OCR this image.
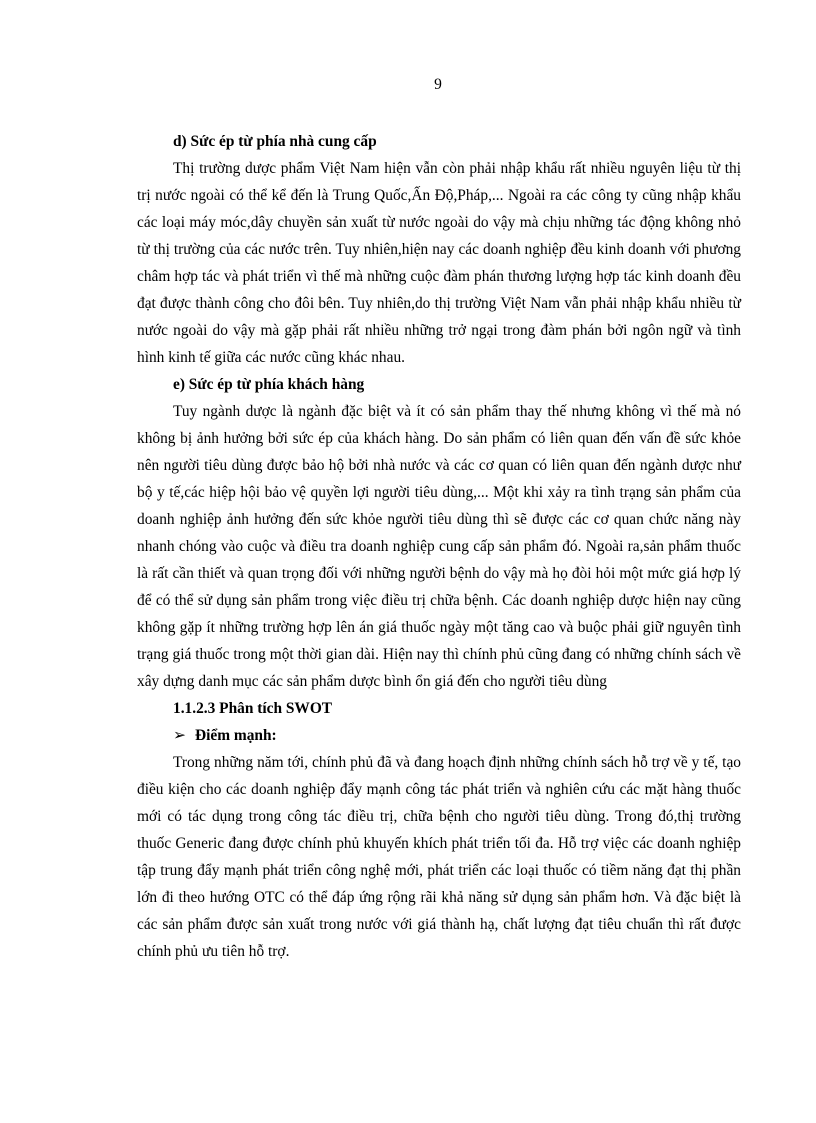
9

d) Sức ép từ phía nhà cung cấp

Thị trường dược phẩm Việt Nam hiện vẫn còn phải nhập khẩu rất nhiều nguyên liệu từ thị trị nước ngoài có thể kể đến là Trung Quốc,Ấn Độ,Pháp,... Ngoài ra các công ty cũng nhập khẩu các loại máy móc,dây chuyền sản xuất từ nước ngoài do vậy mà chịu những tác động không nhỏ từ thị trường của các nước trên. Tuy nhiên,hiện nay các doanh nghiệp đều kinh doanh với phương châm hợp tác và phát triển vì thế mà những cuộc đàm phán thương lượng hợp tác kinh doanh đều đạt được thành công cho đôi bên. Tuy nhiên,do thị trường Việt Nam vẫn phải nhập khẩu nhiều từ nước ngoài do vậy mà gặp phải rất nhiều những trở ngại trong đàm phán bởi ngôn ngữ và tình hình kinh tế giữa các nước cũng khác nhau.

e) Sức ép từ phía khách hàng

Tuy ngành dược là ngành đặc biệt và ít có sản phẩm thay thế nhưng không vì thế mà nó không bị ảnh hưởng bởi sức ép của khách hàng. Do sản phẩm có liên quan đến vấn đề sức khỏe nên người tiêu dùng được bảo hộ bởi nhà nước và các cơ quan có liên quan đến ngành dược như bộ y tế,các hiệp hội bảo vệ quyền lợi người tiêu dùng,... Một khi xảy ra tình trạng sản phẩm của doanh nghiệp ảnh hưởng đến sức khỏe người tiêu dùng thì sẽ được các cơ quan chức năng này nhanh chóng vào cuộc và điều tra doanh nghiệp cung cấp sản phẩm đó. Ngoài ra,sản phẩm thuốc là rất cần thiết và quan trọng đối với những người bệnh do vậy mà họ đòi hỏi một mức giá hợp lý để có thể sử dụng sản phẩm trong việc điều trị chữa bệnh. Các doanh nghiệp dược hiện nay cũng không gặp ít những trường hợp lên án giá thuốc ngày một tăng cao và buộc phải giữ nguyên tình trạng giá thuốc trong một thời gian dài. Hiện nay thì chính phủ cũng đang có những chính sách về xây dựng danh mục các sản phẩm dược bình ổn giá đến cho người tiêu dùng

1.1.2.3 Phân tích SWOT

➢ Điểm mạnh:

Trong những năm tới, chính phủ đã và đang hoạch định những chính sách hỗ trợ về y tế, tạo điều kiện cho các doanh nghiệp đẩy mạnh công tác phát triển và nghiên cứu các mặt hàng thuốc mới có tác dụng trong công tác điều trị, chữa bệnh cho người tiêu dùng. Trong đó,thị trường thuốc Generic đang được chính phủ khuyến khích phát triển tối đa. Hỗ trợ việc các doanh nghiệp tập trung đẩy mạnh phát triển công nghệ mới, phát triển các loại thuốc có tiềm năng đạt thị phần lớn đi theo hướng OTC có thể đáp ứng rộng rãi khả năng sử dụng sản phẩm hơn. Và đặc biệt là các sản phẩm được sản xuất trong nước với giá thành hạ, chất lượng đạt tiêu chuẩn thì rất được chính phủ ưu tiên hỗ trợ.
